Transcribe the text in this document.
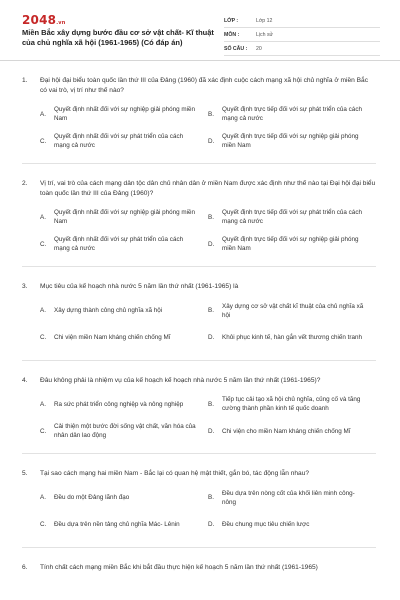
2048.vn
Miền Bắc xây dựng bước đầu cơ sở vật chất- Kĩ thuật của chủ nghĩa xã hội (1961-1965) (Có đáp án)
LỚP :	Lớp 12
MÔN :	Lịch sử
SỐ CÂU :	20
1.	Đại hội đại biểu toàn quốc lần thứ III của Đảng (1960) đã xác định cuộc cách mạng xã hội chủ nghĩa ở miền Bắc có vai trò, vị trí như thế nào?
A.
Quyết định nhất đối với sự nghiệp giải phóng miền Nam
B.
Quyết định trực tiếp đối với sự phát triển của cách mạng cả nước
C.
Quyết định nhất đối với sự phát triển của cách mạng cả nước
D.
Quyết định trực tiếp đối với sự nghiệp giải phóng miền Nam
2.	Vị trí, vai trò của cách mạng dân tộc dân chủ nhân dân ở miền Nam được xác định như thế nào tại Đại hội đại biểu toàn quốc lần thứ III của Đảng (1960)?
A.
Quyết định nhất đối với sự nghiệp giải phóng miền Nam
B.
Quyết định trực tiếp đối với sự phát triển của cách mạng cả nước
C.
Quyết định nhất đối với sự phát triển của cách mạng cả nước
D.
Quyết định trực tiếp đối với sự nghiệp giải phóng miền Nam
3.	Mục tiêu của kế hoạch nhà nước 5 năm lần thứ nhất (1961-1965) là
A.	Xây dựng thành công chủ nghĩa xã hội	B.
Xây dựng cơ sở vật chất kĩ thuật của chủ nghĩa xã hội
C.	Chi viện miền Nam kháng chiến chống Mĩ	D.	Khôi phục kinh tế, hàn gắn vết thương chiến tranh
4.	Đâu không phải là nhiệm vụ của kế hoạch kế hoạch nhà nước 5 năm lần thứ nhất (1961-1965)?
A.	Ra sức phát triển công nghiệp và nông nghiệp	B.
Tiếp tục cải tạo xã hội chủ nghĩa, củng cố và tăng cường thành phần kinh tế quốc doanh
C.
Cải thiện một bước đời sống vật chất, văn hóa của nhân dân lao động
D.	Chi viện cho miền Nam kháng chiến chống Mĩ
5.	Tại sao cách mạng hai miền Nam - Bắc lại có quan hệ mật thiết, gắn bó, tác động lẫn nhau?
A.	Đều do một Đảng lãnh đạo	B.
Đều dựa trên nòng cốt của khối liên minh công- nông
C.	Đều dựa trên nền tảng chủ nghĩa Mác- Lênin	D.	Đều chung mục tiêu chiến lược
6.	Tính chất cách mạng miền Bắc khi bắt đầu thực hiện kế hoạch 5 năm lần thứ nhất (1961-1965)
